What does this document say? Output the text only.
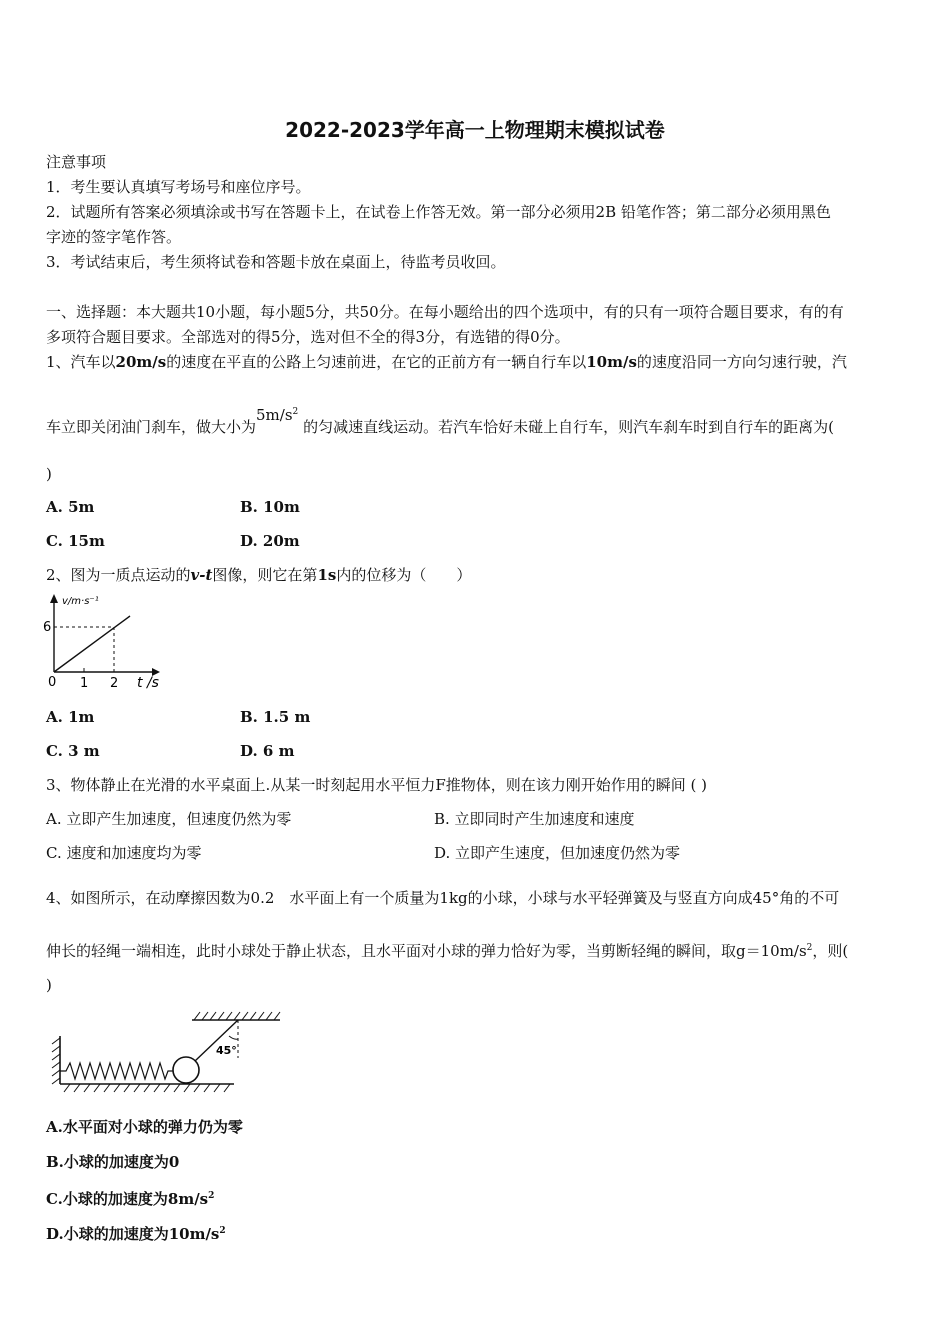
2022-2023学年高一上物理期末模拟试卷
注意事项
1．考生要认真填写考场号和座位序号。
2．试题所有答案必须填涂或书写在答题卡上，在试卷上作答无效。第一部分必须用2B 铅笔作答；第二部分必须用黑色
字迹的签字笔作答。
3．考试结束后，考生须将试卷和答题卡放在桌面上，待监考员收回。
一、选择题：本大题共10小题，每小题5分，共50分。在每小题给出的四个选项中，有的只有一项符合题目要求，有的有
多项符合题目要求。全部选对的得5分，选对但不全的得3分，有选错的得0分。
1、汽车以20m/s的速度在平直的公路上匀速前进，在它的正前方有一辆自行车以10m/s的速度沿同一方向匀速行驶，汽
车立即关闭油门刹车，做大小为$5m/s^2$ 的匀减速直线运动。若汽车恰好未碰上自行车，则汽车刹车时到自行车的距离为(
)
A. 5m	B. 10m
C. 15m	D. 20m
2、图为一质点运动的v-t图像，则它在第1s内的位移为（　　）
v/m·s⁻¹
6
0 1 2 t /s
A. 1m	B. 1.5 m
C. 3 m	D. 6 m
3、物体静止在光滑的水平桌面上.从某一时刻起用水平恒力F推物体，则在该力刚开始作用的瞬间 ( )
A. 立即产生加速度，但速度仍然为零	B. 立即同时产生加速度和速度
C. 速度和加速度均为零	D. 立即产生速度，但加速度仍然为零
4、如图所示，在动摩擦因数为0.2　水平面上有一个质量为1kg的小球，小球与水平轻弹簧及与竖直方向成45°角的不可
伸长的轻绳一端相连，此时小球处于静止状态，且水平面对小球的弹力恰好为零，当剪断轻绳的瞬间，取$g=10m/s^2$，则(
)
45°
A.水平面对小球的弹力仍为零
B.小球的加速度为0
C.小球的加速度为$8m/s^2$
D.小球的加速度为$10m/s^2$
